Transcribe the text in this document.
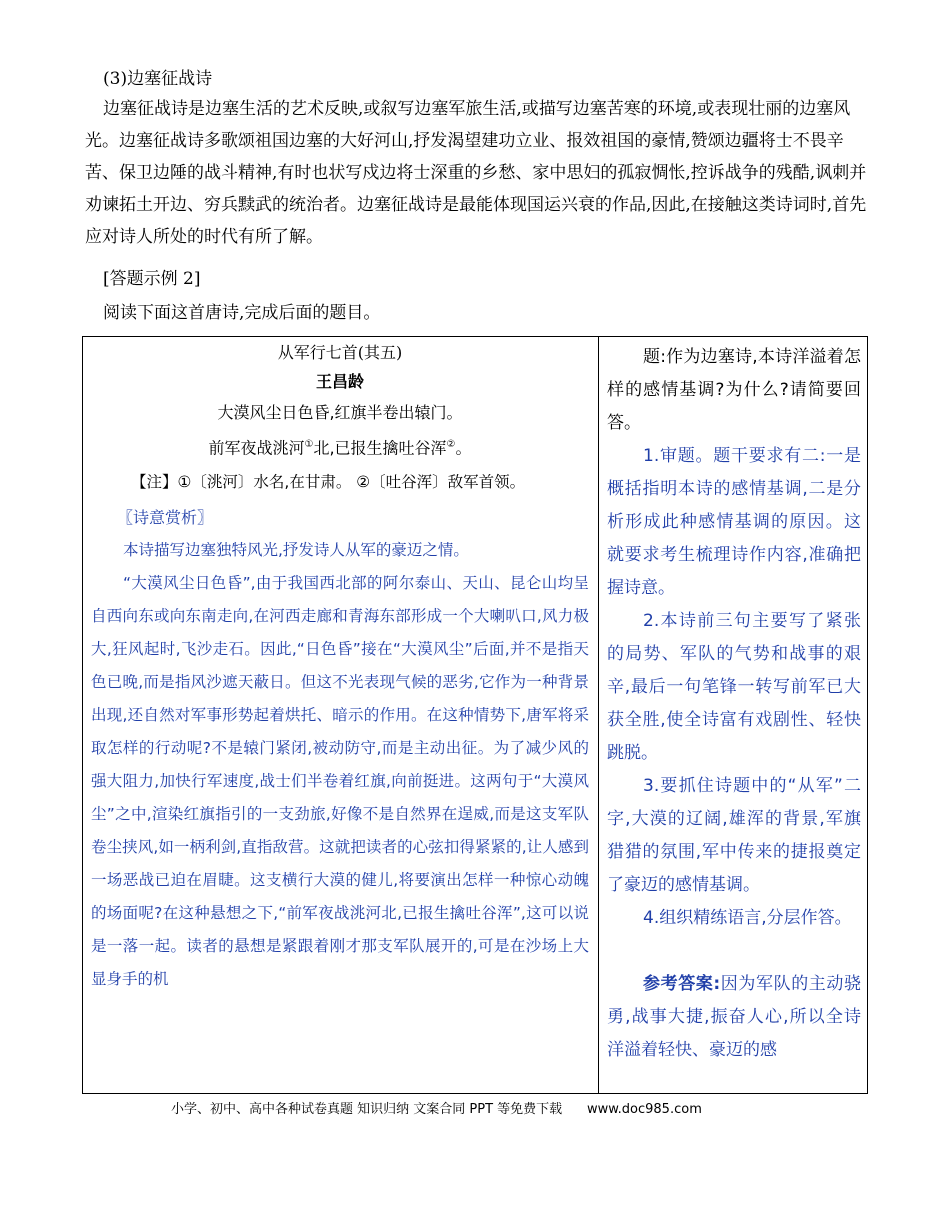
(3)边塞征战诗
边塞征战诗是边塞生活的艺术反映,或叙写边塞军旅生活,或描写边塞苦寒的环境,或表现壮丽的边塞风光。边塞征战诗多歌颂祖国边塞的大好河山,抒发渴望建功立业、报效祖国的豪情,赞颂边疆将士不畏辛苦、保卫边陲的战斗精神,有时也状写戍边将士深重的乡愁、家中思妇的孤寂惆怅,控诉战争的残酷,讽刺并劝谏拓土开边、穷兵黩武的统治者。边塞征战诗是最能体现国运兴衰的作品,因此,在接触这类诗词时,首先应对诗人所处的时代有所了解。
[答题示例 2]
阅读下面这首唐诗,完成后面的题目。
从军行七首(其五)
王昌龄
大漠风尘日色昏,红旗半卷出辕门。
前军夜战洮河①北,已报生擒吐谷浑②。
【注】①〔洮河〕水名,在甘肃。 ②〔吐谷浑〕敌军首领。
〖诗意赏析〗

本诗描写边塞独特风光,抒发诗人从军的豪迈之情。

“大漠风尘日色昏”,由于我国西北部的阿尔泰山、天山、昆仑山均呈自西向东或向东南走向,在河西走廊和青海东部形成一个大喇叭口,风力极大,狂风起时,飞沙走石。因此,“日色昏”接在“大漠风尘”后面,并不是指天色已晚,而是指风沙遮天蔽日。但这不光表现气候的恶劣,它作为一种背景出现,还自然对军事形势起着烘托、暗示的作用。在这种情势下,唐军将采取怎样的行动呢?不是辕门紧闭,被动防守,而是主动出征。为了减少风的强大阻力,加快行军速度,战士们半卷着红旗,向前挺进。这两句于“大漠风尘”之中,渲染红旗指引的一支劲旅,好像不是自然界在逞威,而是这支军队卷尘挟风,如一柄利剑,直指敌营。这就把读者的心弦扣得紧紧的,让人感到一场恶战已迫在眉睫。这支横行大漠的健儿,将要演出怎样一种惊心动魄的场面呢?在这种悬想之下,“前军夜战洮河北,已报生擒吐谷浑”,这可以说是一落一起。读者的悬想是紧跟着刚才那支军队展开的,可是在沙场上大显身手的机

题:作为边塞诗,本诗洋溢着怎样的感情基调?为什么?请简要回答。

1.审题。题干要求有二:一是概括指明本诗的感情基调,二是分析形成此种感情基调的原因。这就要求考生梳理诗作内容,准确把握诗意。

2.本诗前三句主要写了紧张的局势、军队的气势和战事的艰辛,最后一句笔锋一转写前军已大获全胜,使全诗富有戏剧性、轻快跳脱。

3.要抓住诗题中的“从军”二字,大漠的辽阔,雄浑的背景,军旗猎猎的氛围,军中传来的捷报奠定了豪迈的感情基调。

4.组织精练语言,分层作答。

参考答案:因为军队的主动骁勇,战事大捷,振奋人心,所以全诗洋溢着轻快、豪迈的感

小学、初中、高中各种试卷真题 知识归纳 文案合同 PPT 等免费下载 www.doc985.com
